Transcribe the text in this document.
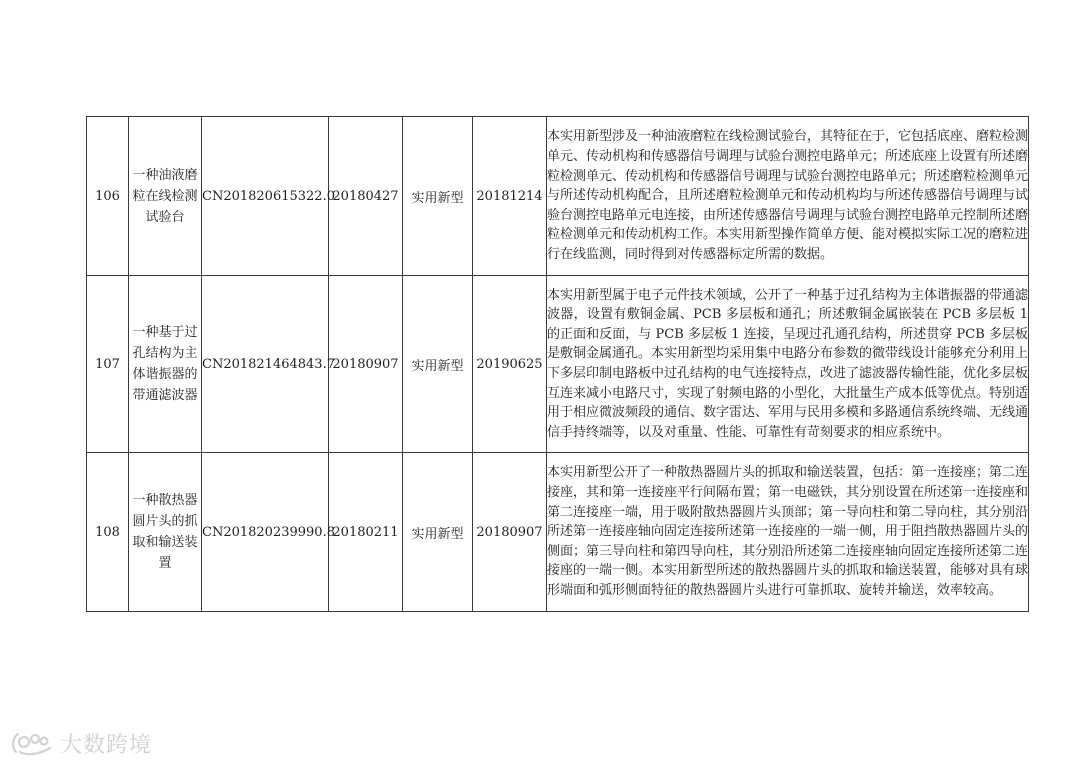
106	一种油液磨粒在线检测试验台	CN201820615322.0	20180427	实用新型	20181214	本实用新型涉及一种油液磨粒在线检测试验台，其特征在于，它包括底座、磨粒检测单元、传动机构和传感器信号调理与试验台测控电路单元；所述底座上设置有所述磨粒检测单元、传动机构和传感器信号调理与试验台测控电路单元；所述磨粒检测单元与所述传动机构配合，且所述磨粒检测单元和传动机构均与所述传感器信号调理与试验台测控电路单元电连接，由所述传感器信号调理与试验台测控电路单元控制所述磨粒检测单元和传动机构工作。本实用新型操作简单方便、能对模拟实际工况的磨粒进行在线监测，同时得到对传感器标定所需的数据。
107	一种基于过孔结构为主体谐振器的带通滤波器	CN201821464843.7	20180907	实用新型	20190625	本实用新型属于电子元件技术领域，公开了一种基于过孔结构为主体谐振器的带通滤波器，设置有敷铜金属、PCB 多层板和通孔；所述敷铜金属嵌装在 PCB 多层板 1 的正面和反面，与 PCB 多层板 1 连接，呈现过孔通孔结构，所述贯穿 PCB 多层板是敷铜金属通孔。本实用新型均采用集中电路分布参数的微带线设计能够充分利用上下多层印制电路板中过孔结构的电气连接特点，改进了滤波器传输性能，优化多层板互连来减小电路尺寸，实现了射频电路的小型化，大批量生产成本低等优点。特别适用于相应微波频段的通信、数字雷达、军用与民用多模和多路通信系统终端、无线通信手持终端等，以及对重量、性能、可靠性有苛刻要求的相应系统中。
108	一种散热器圆片头的抓取和输送装置	CN201820239990.8	20180211	实用新型	20180907	本实用新型公开了一种散热器圆片头的抓取和输送装置，包括：第一连接座；第二连接座，其和第一连接座平行间隔布置；第一电磁铁，其分别设置在所述第一连接座和第二连接座一端，用于吸附散热器圆片头顶部；第一导向柱和第二导向柱，其分别沿所述第一连接座轴向固定连接所述第一连接座的一端一侧，用于阻挡散热器圆片头的侧面；第三导向柱和第四导向柱，其分别沿所述第二连接座轴向固定连接所述第二连接座的一端一侧。本实用新型所述的散热器圆片头的抓取和输送装置，能够对具有球形端面和弧形侧面特征的散热器圆片头进行可靠抓取、旋转并输送，效率较高。
大数跨境
